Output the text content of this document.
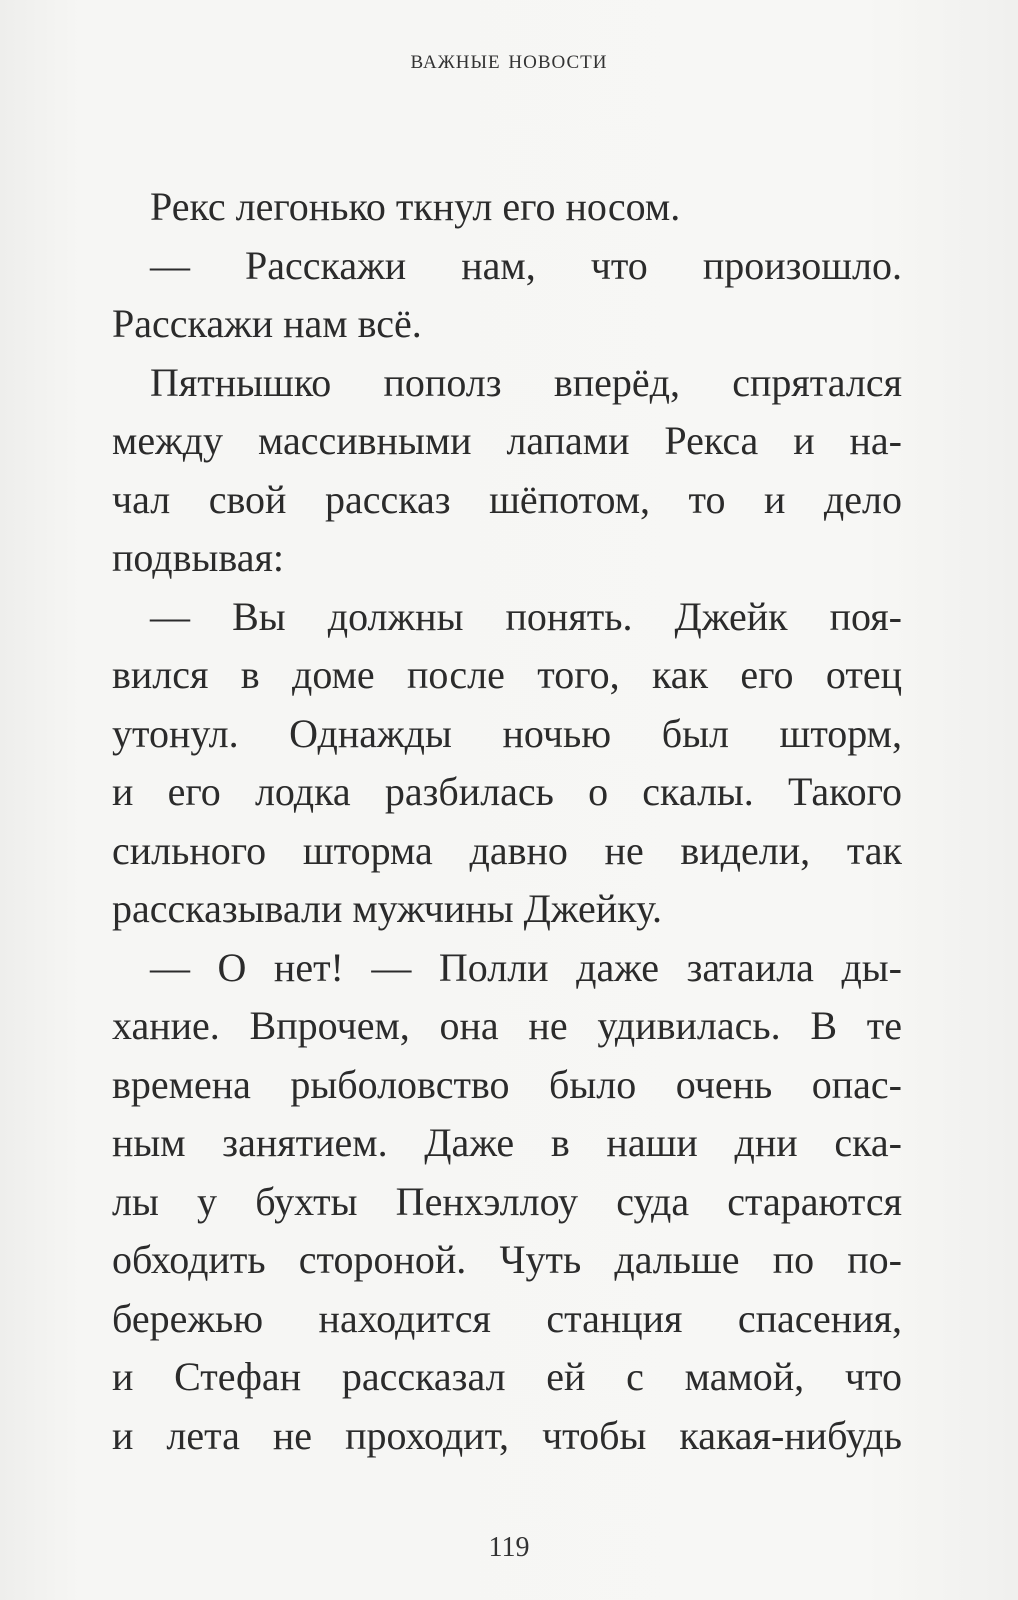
важные новости
Рекс легонько ткнул его носом.
— Расскажи нам, что произошло.
Расскажи нам всё.
Пятнышко пополз вперёд, спрятался
между массивными лапами Рекса и на-
чал свой рассказ шёпотом, то и дело
подвывая:
— Вы должны понять. Джейк поя-
вился в доме после того, как его отец
утонул. Однажды ночью был шторм,
и его лодка разбилась о скалы. Такого
сильного шторма давно не видели, так
рассказывали мужчины Джейку.
— О нет! — Полли даже затаила ды-
хание. Впрочем, она не удивилась. В те
времена рыболовство было очень опас-
ным занятием. Даже в наши дни ска-
лы у бухты Пенхэллоу суда стараются
обходить стороной. Чуть дальше по по-
бережью находится станция спасения,
и Стефан рассказал ей с мамой, что
и лета не проходит, чтобы какая-нибудь
119
